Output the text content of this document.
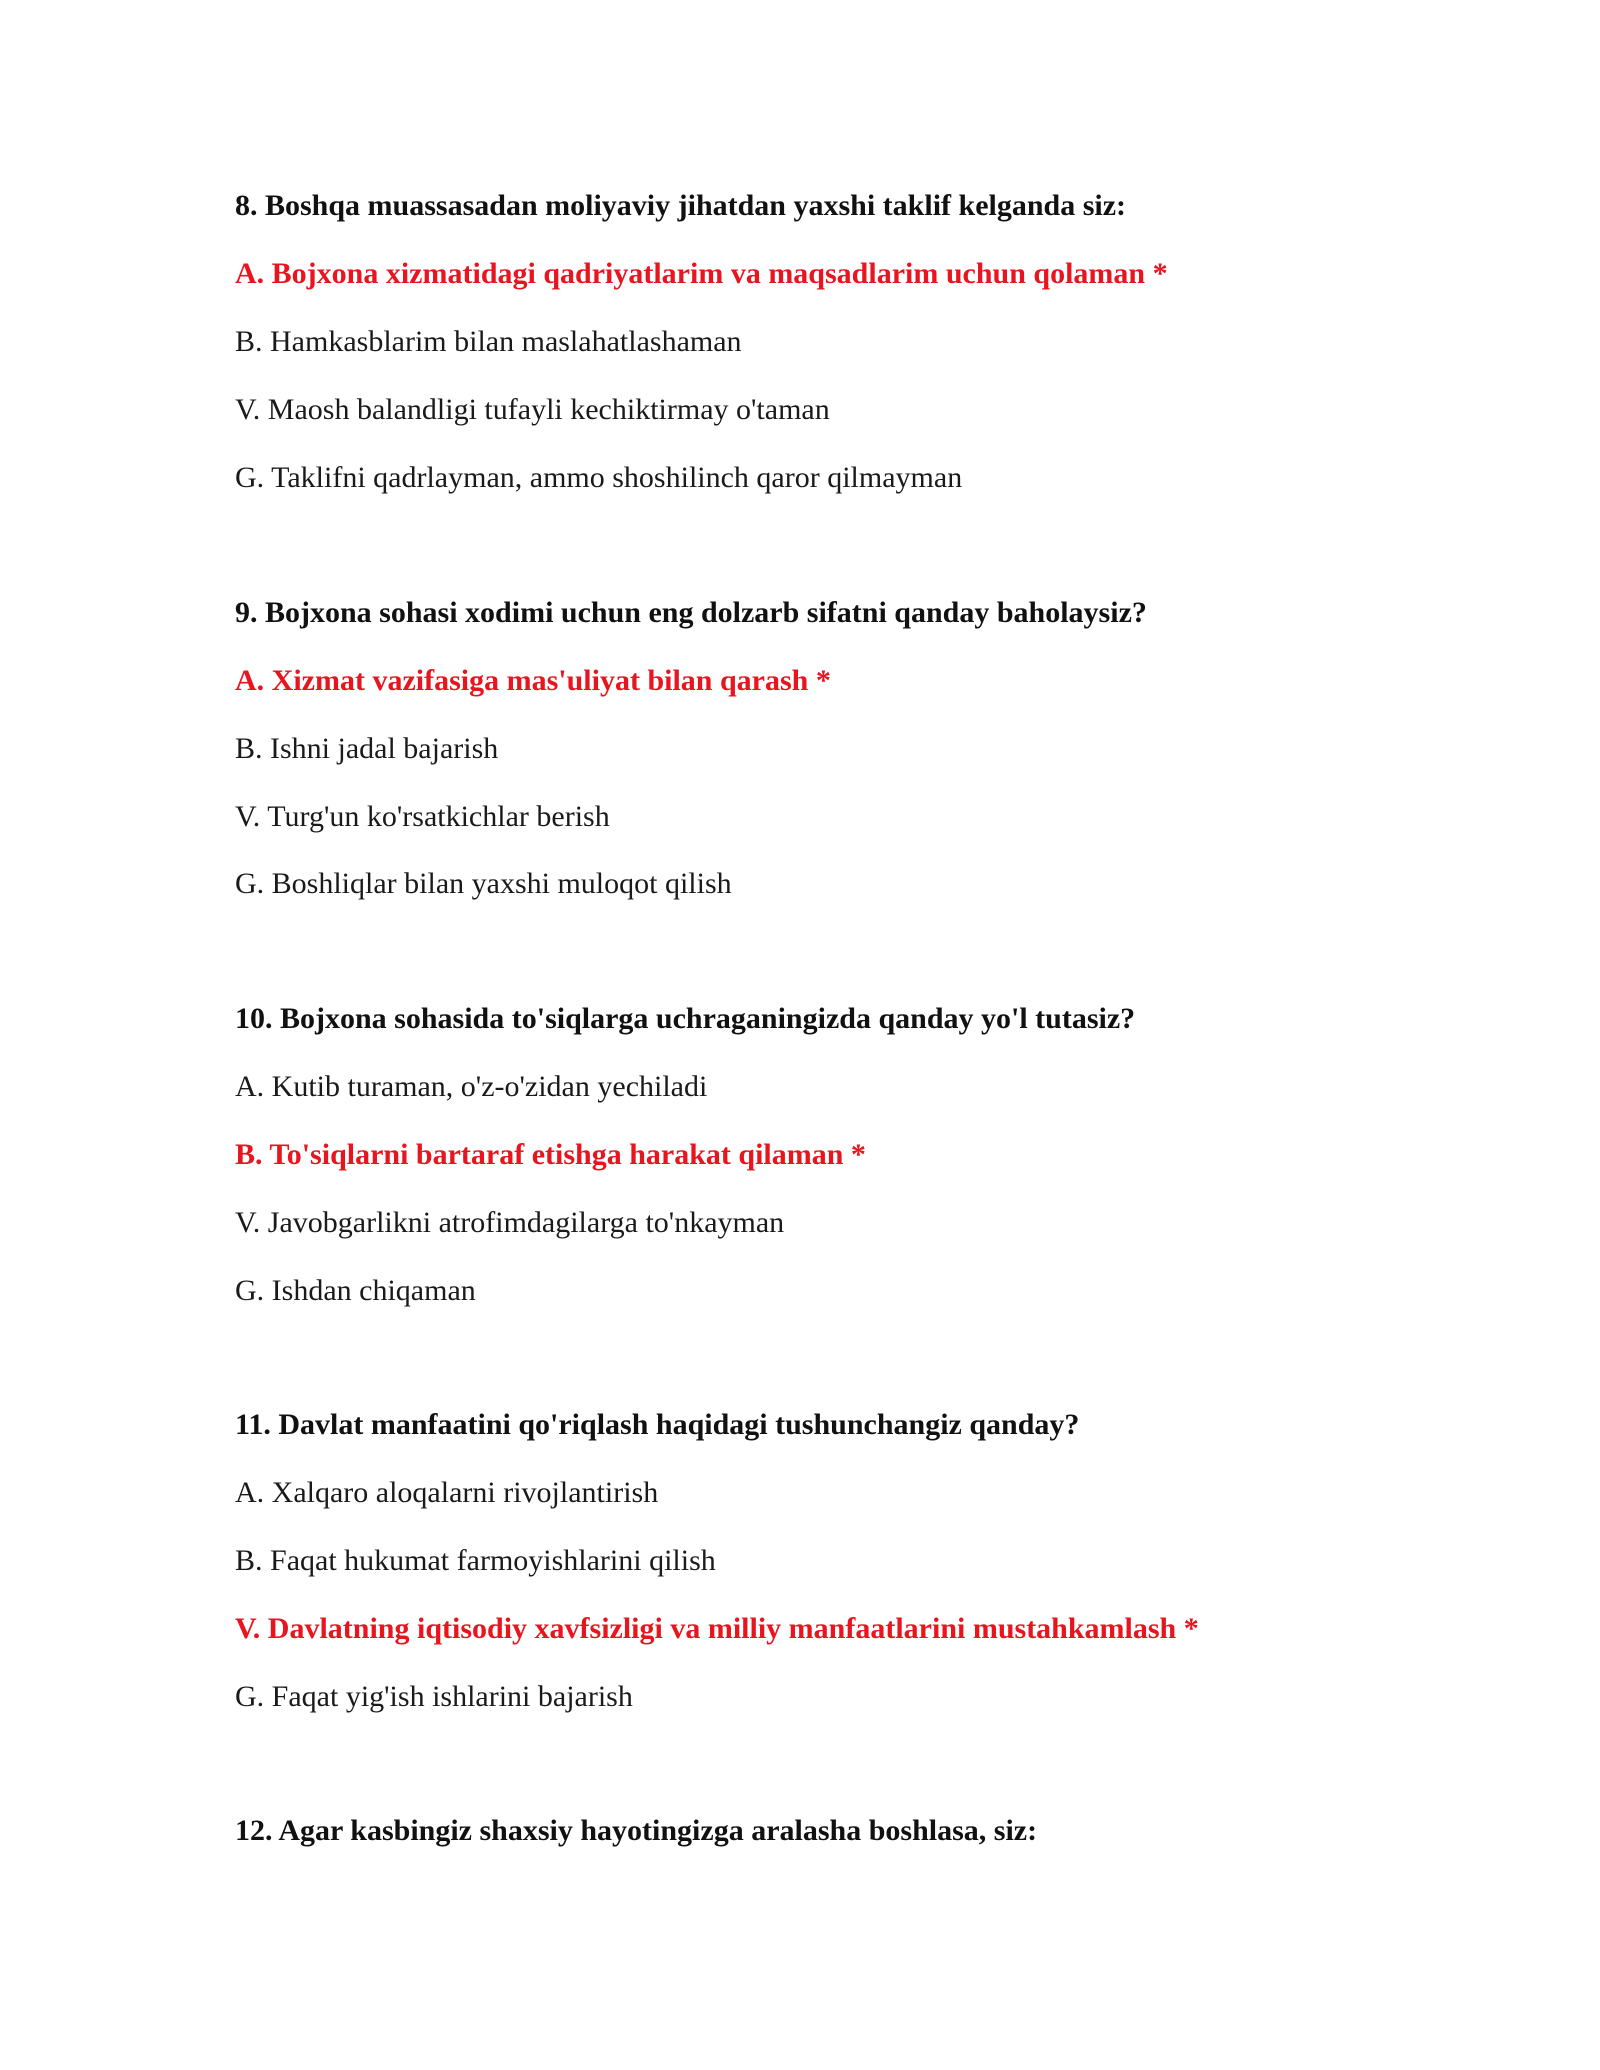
8. Boshqa muassasadan moliyaviy jihatdan yaxshi taklif kelganda siz:
A. Bojxona xizmatidagi qadriyatlarim va maqsadlarim uchun qolaman *
B. Hamkasblarim bilan maslahatlashaman
V. Maosh balandligi tufayli kechiktirmay o'taman
G. Taklifni qadrlayman, ammo shoshilinch qaror qilmayman
9. Bojxona sohasi xodimi uchun eng dolzarb sifatni qanday baholaysiz?
A. Xizmat vazifasiga mas'uliyat bilan qarash *
B. Ishni jadal bajarish
V. Turg'un ko'rsatkichlar berish
G. Boshliqlar bilan yaxshi muloqot qilish
10. Bojxona sohasida to'siqlarga uchraganingizda qanday yo'l tutasiz?
A. Kutib turaman, o'z-o'zidan yechiladi
B. To'siqlarni bartaraf etishga harakat qilaman *
V. Javobgarlikni atrofimdagilarga to'nkayman
G. Ishdan chiqaman
11. Davlat manfaatini qo'riqlash haqidagi tushunchangiz qanday?
A. Xalqaro aloqalarni rivojlantirish
B. Faqat hukumat farmoyishlarini qilish
V. Davlatning iqtisodiy xavfsizligi va milliy manfaatlarini mustahkamlash *
G. Faqat yig'ish ishlarini bajarish
12. Agar kasbingiz shaxsiy hayotingizga aralasha boshlasa, siz:
